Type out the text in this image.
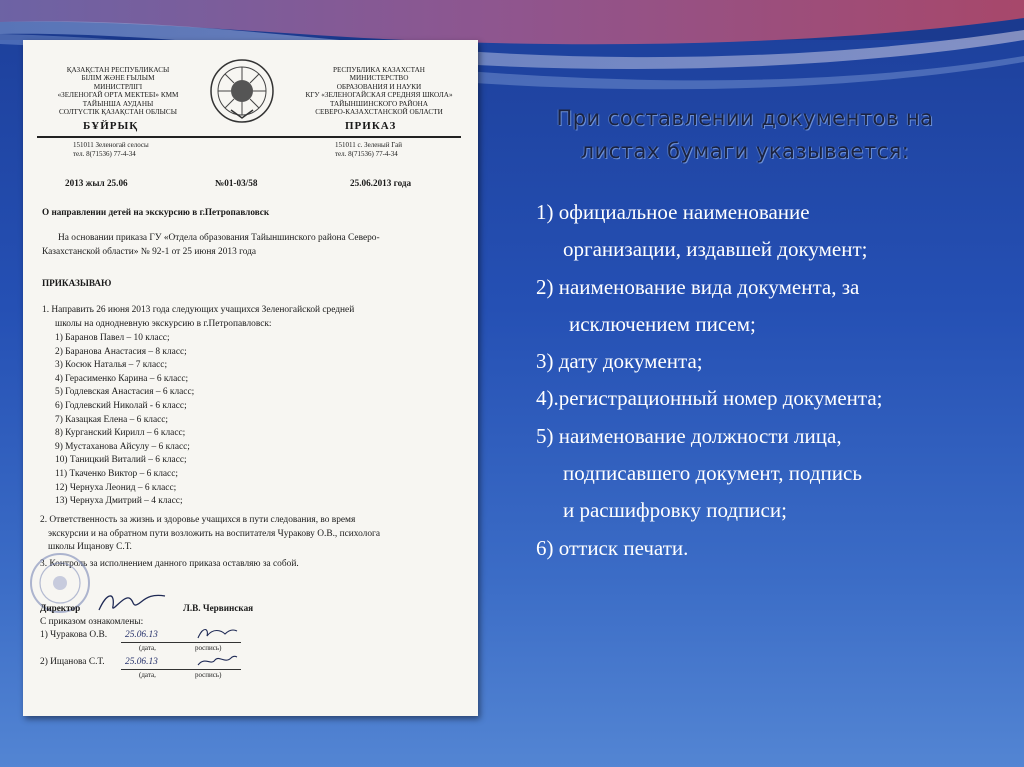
При составлении документов на
листах бумаги указывается:

1) официальное наименование

организации, издавшей документ;

2) наименование вида документа, за

исключением писем;

3) дату документа;

4).регистрационный номер документа;

5) наименование должности лица,

подписавшего документ, подпись

и расшифровку подписи;

6) оттиск печати.

ҚАЗАҚСТАН РЕСПУБЛИКАСЫ
БІЛІМ ЖӘНЕ ҒЫЛЫМ
МИНИСТРЛІГІ
«ЗЕЛЕНОГАЙ ОРТА МЕКТЕБІ» КММ
ТАЙЫНША АУДАНЫ
СОЛТҮСТІК ҚАЗАҚСТАН ОБЛЫСЫ
БҰЙРЫҚ
РЕСПУБЛИКА КАЗАХСТАН
МИНИСТЕРСТВО
ОБРАЗОВАНИЯ И НАУКИ
КГУ «ЗЕЛЕНОГАЙСКАЯ СРЕДНЯЯ ШКОЛА»
ТАЙЫНШИНСКОГО РАЙОНА
СЕВЕРО-КАЗАХСТАНСКОЙ ОБЛАСТИ
ПРИКАЗ
151011 Зеленогай селосы
тел. 8(71536) 77-4-34
151011 с. Зеленый Гай
тел. 8(71536) 77-4-34
2013 жыл 25.06	№01-03/58	25.06.2013 года
О направлении детей на экскурсию в г.Петропавловск
На основании приказа ГУ «Отдела образования Тайыншинского района Северо-
Казахстанской области» № 92-1 от 25 июня 2013 года
ПРИКАЗЫВАЮ
1. Направить 26 июня 2013 года следующих учащихся Зеленогайской средней
школы на однодневную экскурсию в г.Петропавловск:
1) Баранов Павел – 10 класс;
2) Баранова Анастасия – 8 класс;
3) Косюк Наталья – 7 класс;
4) Герасименко Карина – 6 класс;
5) Годлевская Анастасия – 6 класс;
6) Годлевский Николай - 6 класс;
7) Казацкая Елена – 6 класс;
8) Курганский Кирилл – 6 класс;
9) Мустаханова Айсулу – 6 класс;
10) Таницкий Виталий – 6 класс;
11) Ткаченко Виктор – 6 класс;
12) Чернуха Леонид – 6 класс;
13) Чернуха Дмитрий – 4 класс;
2. Ответственность за жизнь и здоровье учащихся в пути следования, во время
экскурсии и на обратном пути возложить на воспитателя Чуракову О.В., психолога
школы Ищанову С.Т.
3. Контроль за исполнением данного приказа оставляю за собой.
Директор	Л.В. Червинская
С приказом ознакомлены:
1) Чуракова О.В. 25.06.13
(дата,	роспись)
2) Ищанова С.Т. 25.06.13
(дата,	роспись)
